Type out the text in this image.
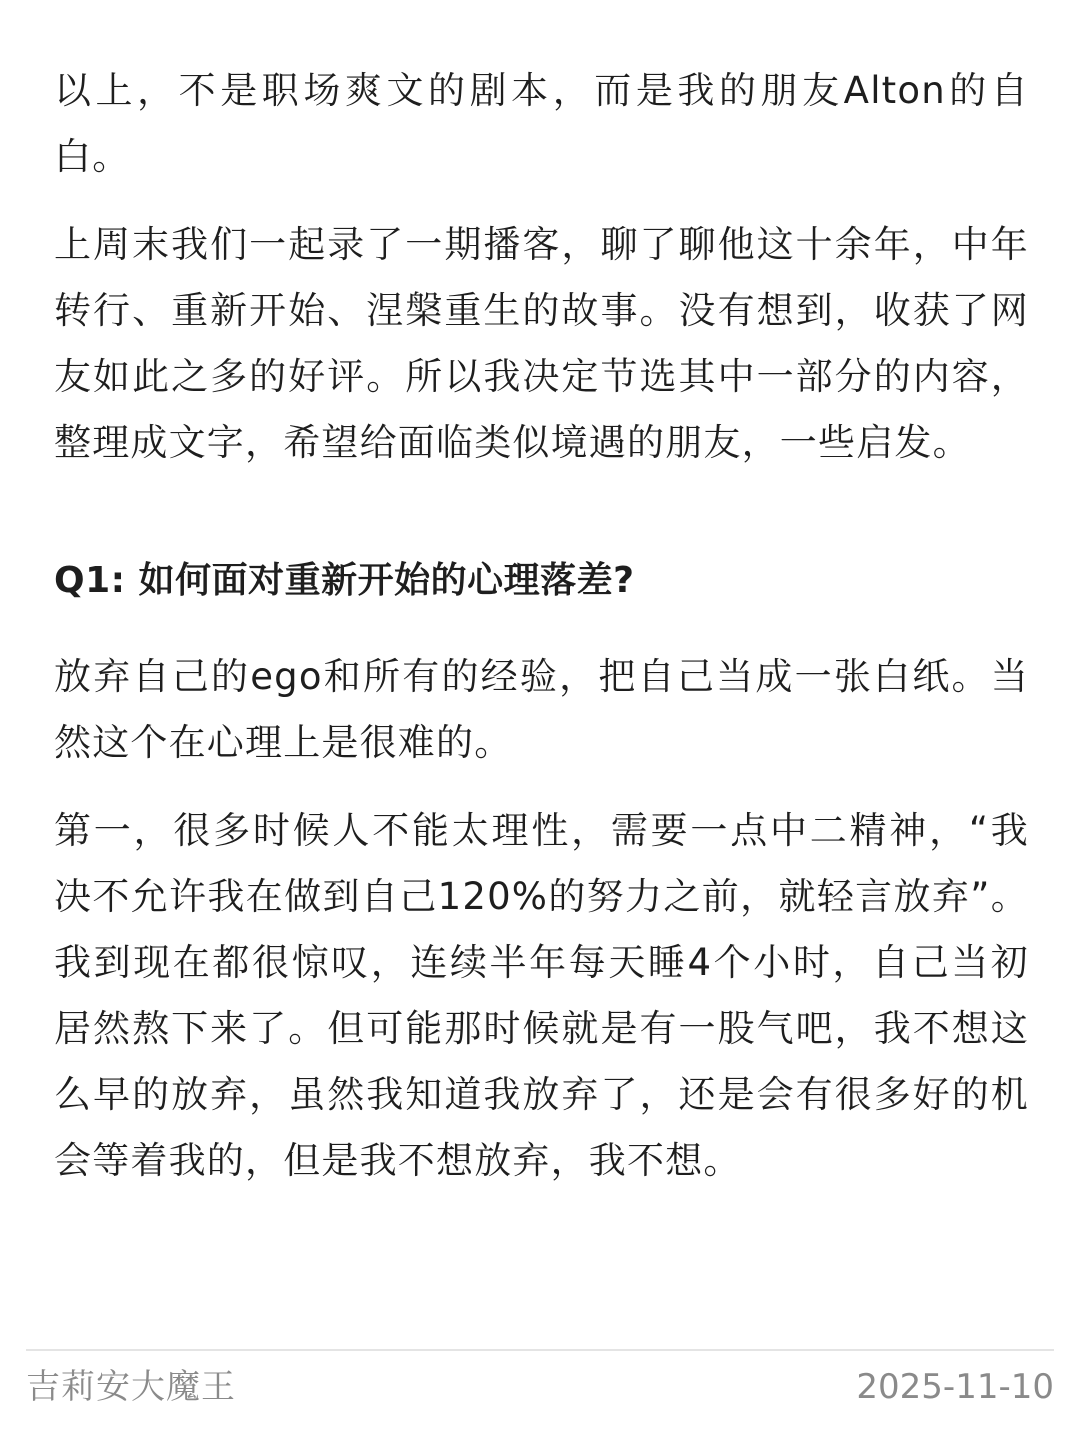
以上，不是职场爽文的剧本，而是我的朋友Alton的自白。

上周末我们一起录了一期播客，聊了聊他这十余年，中年转行、重新开始、涅槃重生的故事。没有想到，收获了网友如此之多的好评。所以我决定节选其中一部分的内容，整理成文字，希望给面临类似境遇的朋友，一些启发。

Q1: 如何面对重新开始的心理落差?

放弃自己的ego和所有的经验，把自己当成一张白纸。当然这个在心理上是很难的。

第一，很多时候人不能太理性，需要一点中二精神，“我决不允许我在做到自己120%的努力之前，就轻言放弃”。我到现在都很惊叹，连续半年每天睡4个小时，自己当初居然熬下来了。但可能那时候就是有一股气吧，我不想这么早的放弃，虽然我知道我放弃了，还是会有很多好的机会等着我的，但是我不想放弃，我不想。

吉莉安大魔王	2025-11-10
